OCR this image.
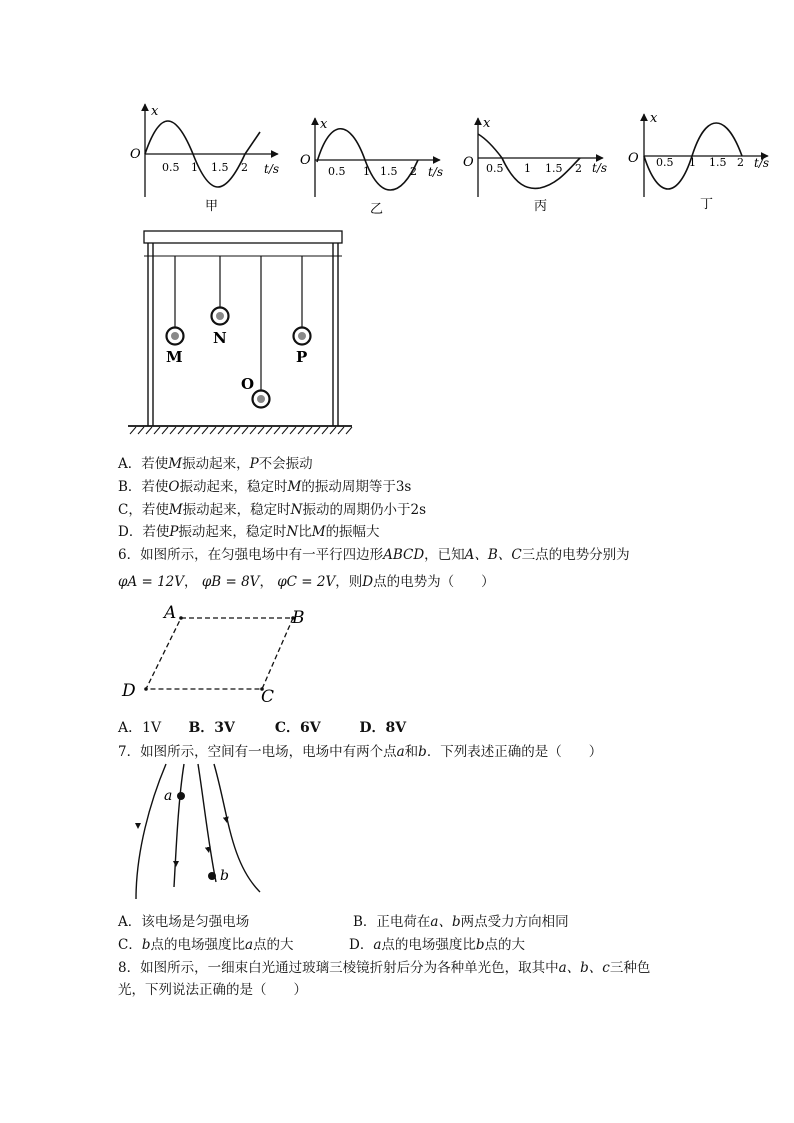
x
O
t/s
0.5 1 1.5 2
甲
x
O
t/s
0.5 1 1.5 2
乙
x
O	t/s
0.5 1 1.5 2
丙
x
O	t/s
0.5 1 1.5 2
丁
M
N
O
P
A．若使M振动起来，P不会振动
B．若使O振动起来，稳定时M的振动周期等于3s
C，若使M振动起来，稳定时N振动的周期仍小于2s
D．若使P振动起来，稳定时N比M的振幅大
6．如图所示，在匀强电场中有一平行四边形ABCD，已知A、B、C三点的电势分别为
φA = 12V， φB = 8V， φC = 2V，则D点的电势为（　　）
A	B
C
D
A．1V B．3V	C．6V	D．8V
7．如图所示，空间有一电场，电场中有两个点a和b．下列表述正确的是（　　）
a
b
A．该电场是匀强电场	B．正电荷在a、b两点受力方向相同
C．b点的电场强度比a点的大	D．a点的电场强度比b点的大
8．如图所示，一细束白光通过玻璃三棱镜折射后分为各种单光色，取其中a、b、c三种色
光，下列说法正确的是（　　）
